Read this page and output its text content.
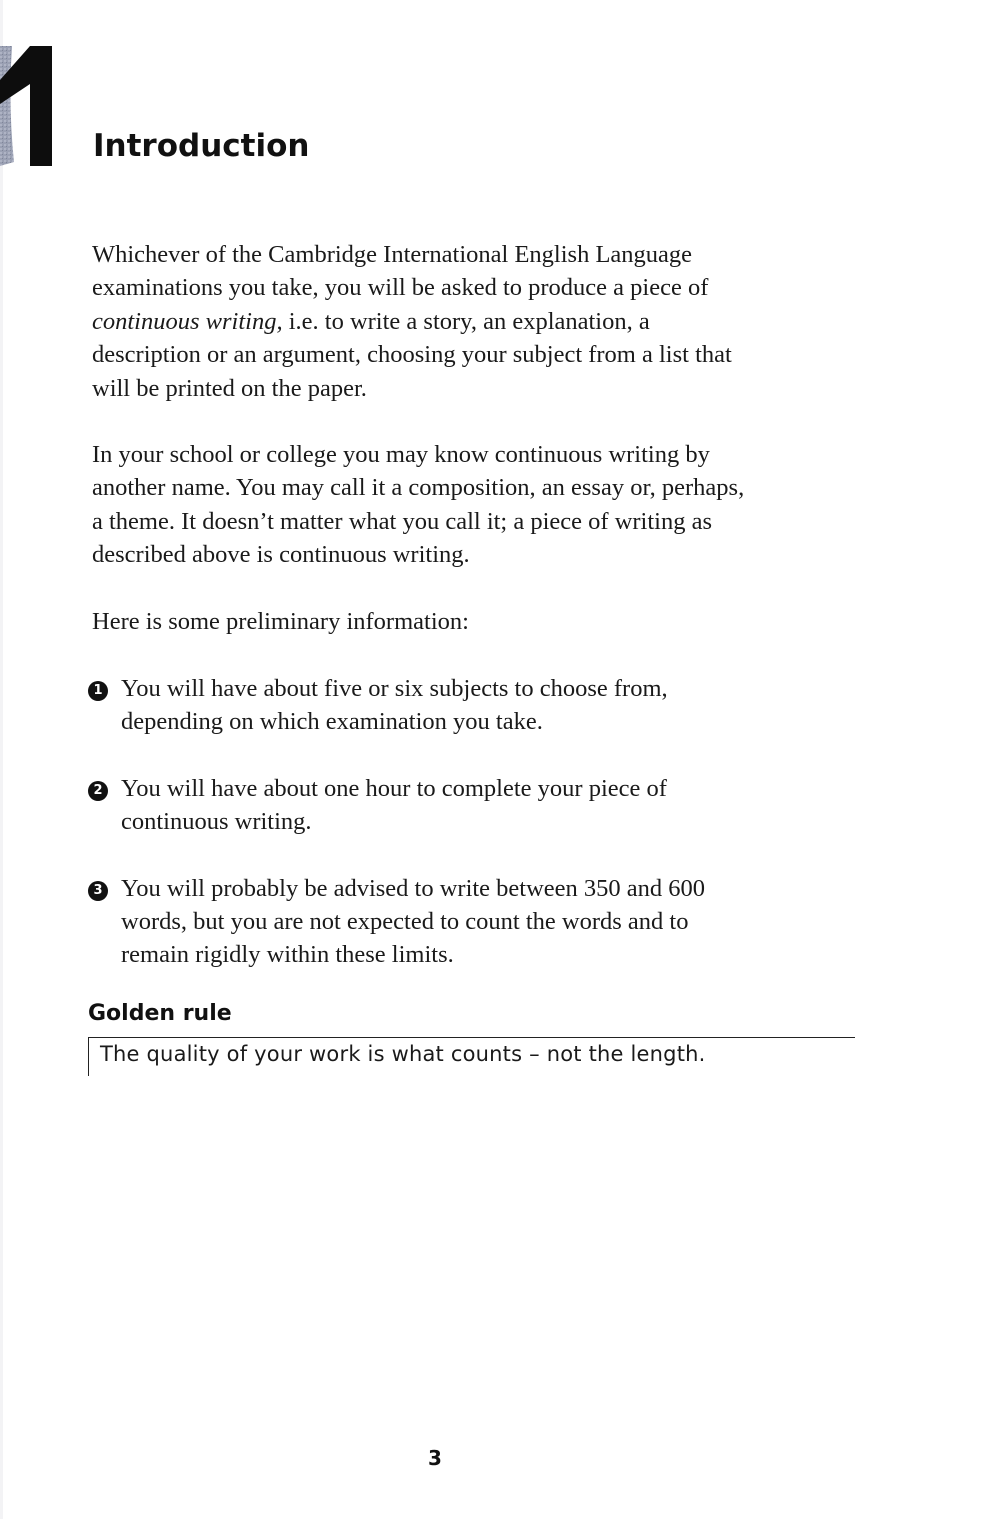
Introduction

Whichever of the Cambridge International English Language

examinations you take, you will be asked to produce a piece of

continuous writing, i.e. to write a story, an explanation, a

description or an argument, choosing your subject from a list that

will be printed on the paper.

In your school or college you may know continuous writing by

another name. You may call it a composition, an essay or, perhaps,

a theme. It doesn’t matter what you call it; a piece of writing as

described above is continuous writing.

Here is some preliminary information:

1 You will have about five or six subjects to choose from,
depending on which examination you take.
2 You will have about one hour to complete your piece of
continuous writing.
3 You will probably be advised to write between 350 and 600
words, but you are not expected to count the words and to
remain rigidly within these limits.
Golden rule
The quality of your work is what counts – not the length.
3
